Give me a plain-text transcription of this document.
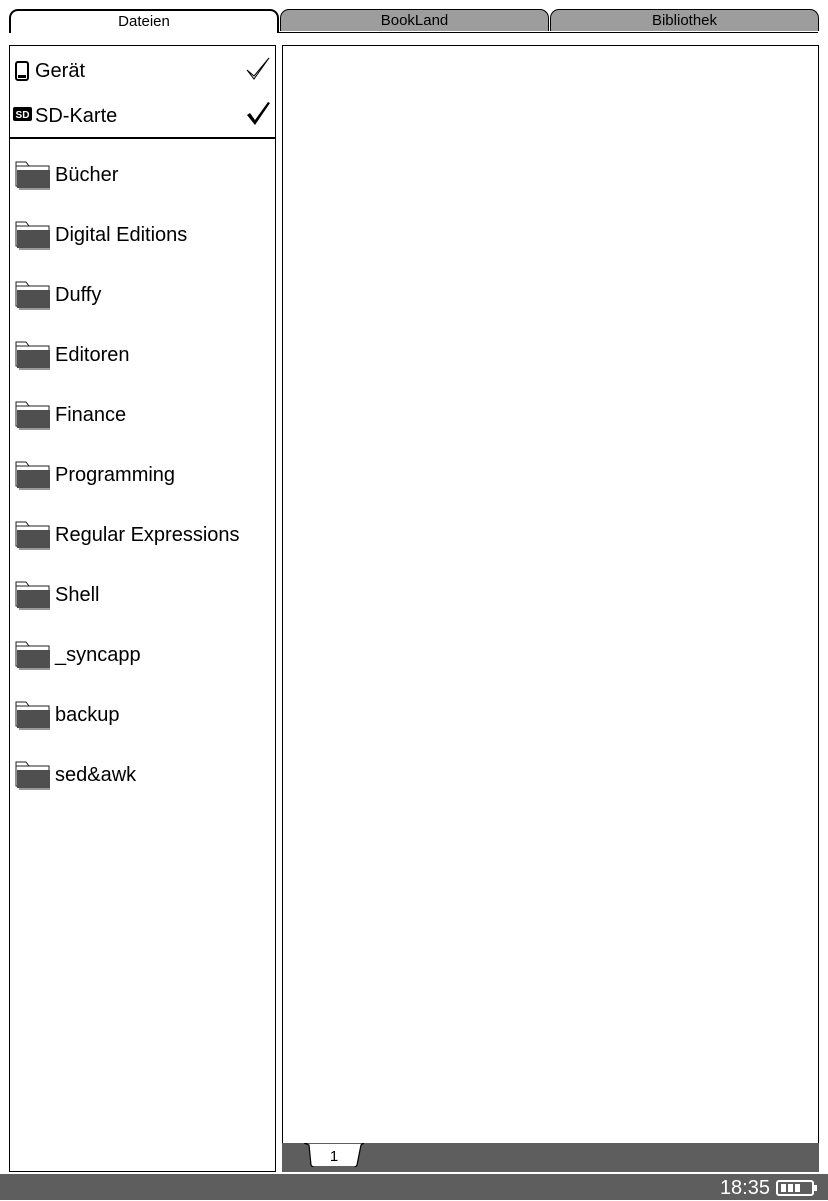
Dateien	BookLand	Bibliothek
Gerät
SD SD-Karte
Bücher
Digital Editions
Duffy
Editoren
Finance
Programming
Regular Expressions
Shell
_syncapp
backup
sed&awk
1
18:35
